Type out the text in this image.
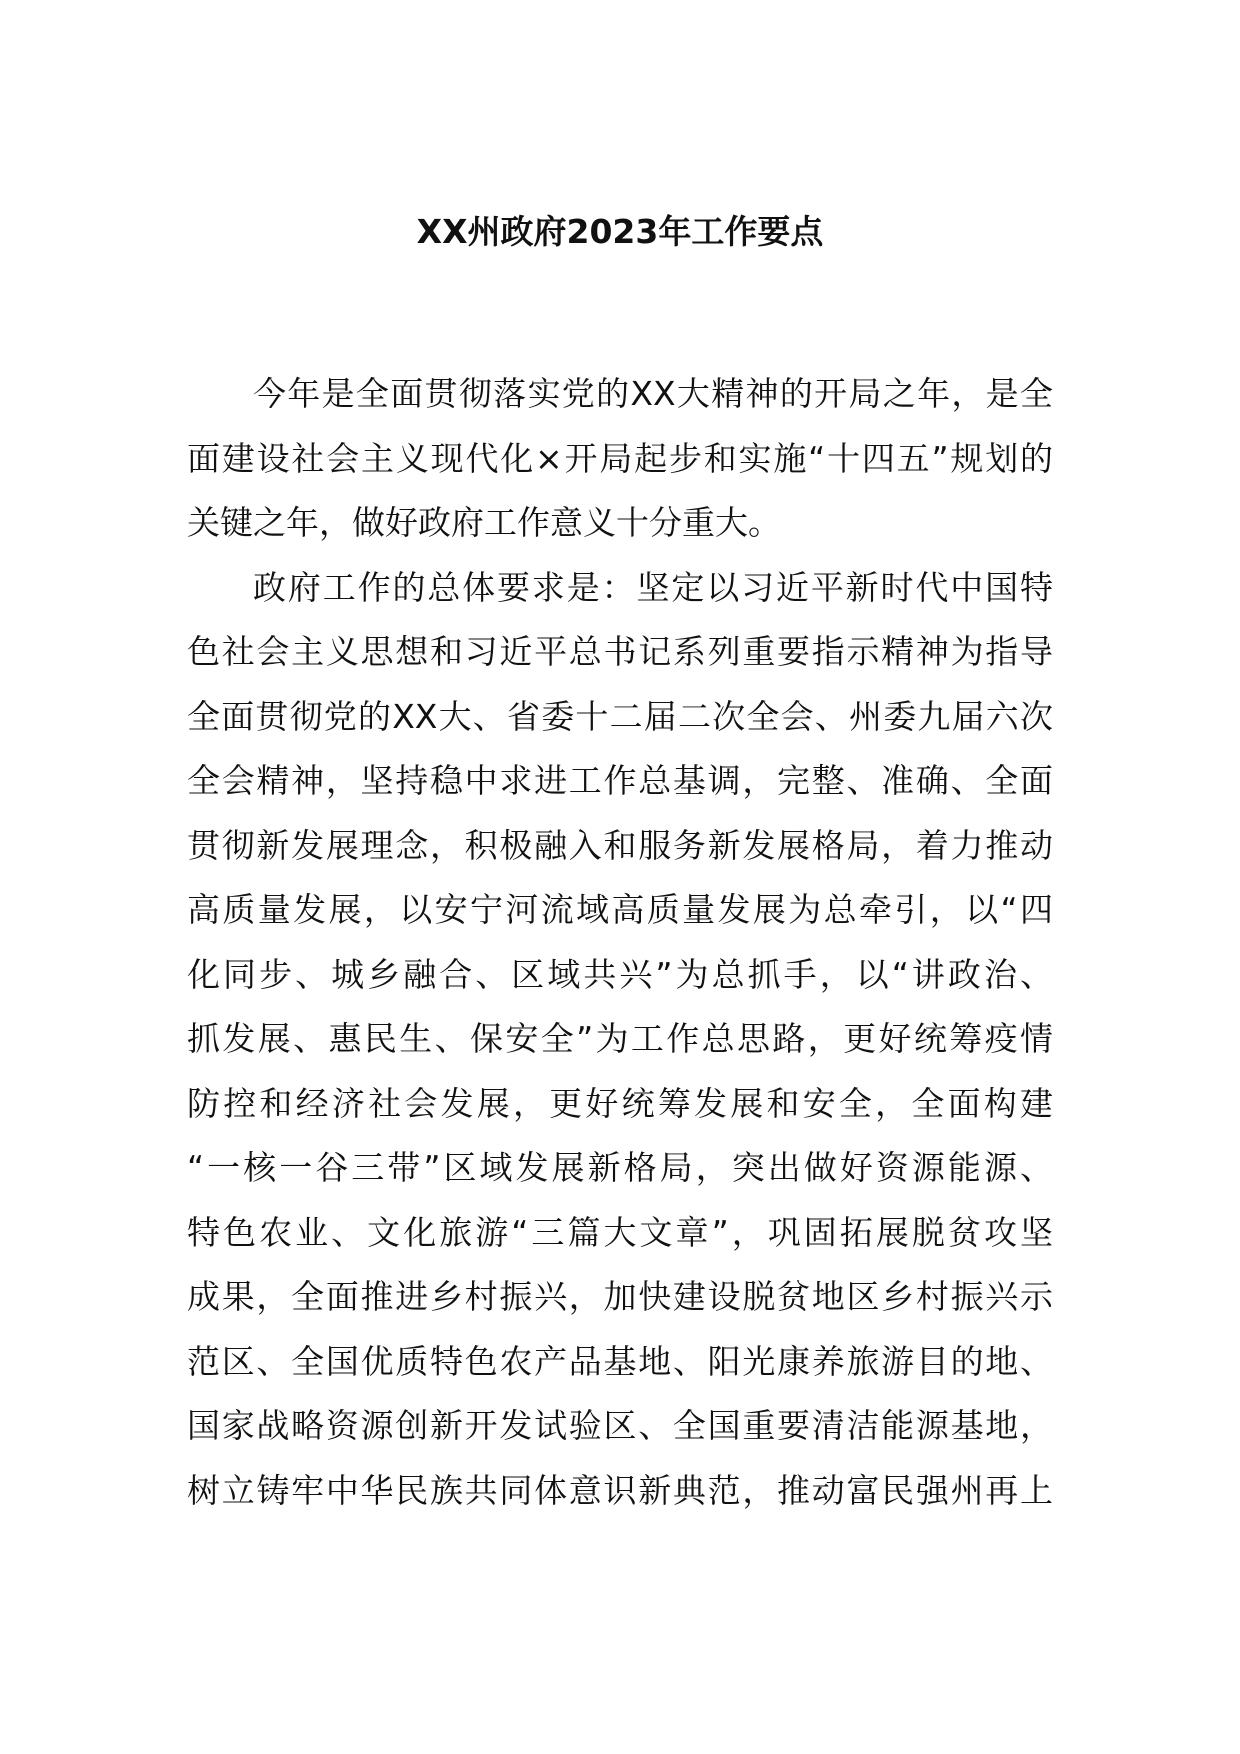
XX州政府2023年工作要点
今年是全面贯彻落实党的XX大精神的开局之年，是全
面建设社会主义现代化×开局起步和实施“十四五”规划的
关键之年，做好政府工作意义十分重大。
政府工作的总体要求是：坚定以习近平新时代中国特
色社会主义思想和习近平总书记系列重要指示精神为指导
全面贯彻党的XX大、省委十二届二次全会、州委九届六次
全会精神，坚持稳中求进工作总基调，完整、准确、全面
贯彻新发展理念，积极融入和服务新发展格局，着力推动
高质量发展，以安宁河流域高质量发展为总牵引，以“四
化同步、城乡融合、区域共兴”为总抓手，以“讲政治、
抓发展、惠民生、保安全”为工作总思路，更好统筹疫情
防控和经济社会发展，更好统筹发展和安全，全面构建
“一核一谷三带”区域发展新格局，突出做好资源能源、
特色农业、文化旅游“三篇大文章”，巩固拓展脱贫攻坚
成果，全面推进乡村振兴，加快建设脱贫地区乡村振兴示
范区、全国优质特色农产品基地、阳光康养旅游目的地、
国家战略资源创新开发试验区、全国重要清洁能源基地，
树立铸牢中华民族共同体意识新典范，推动富民强州再上
